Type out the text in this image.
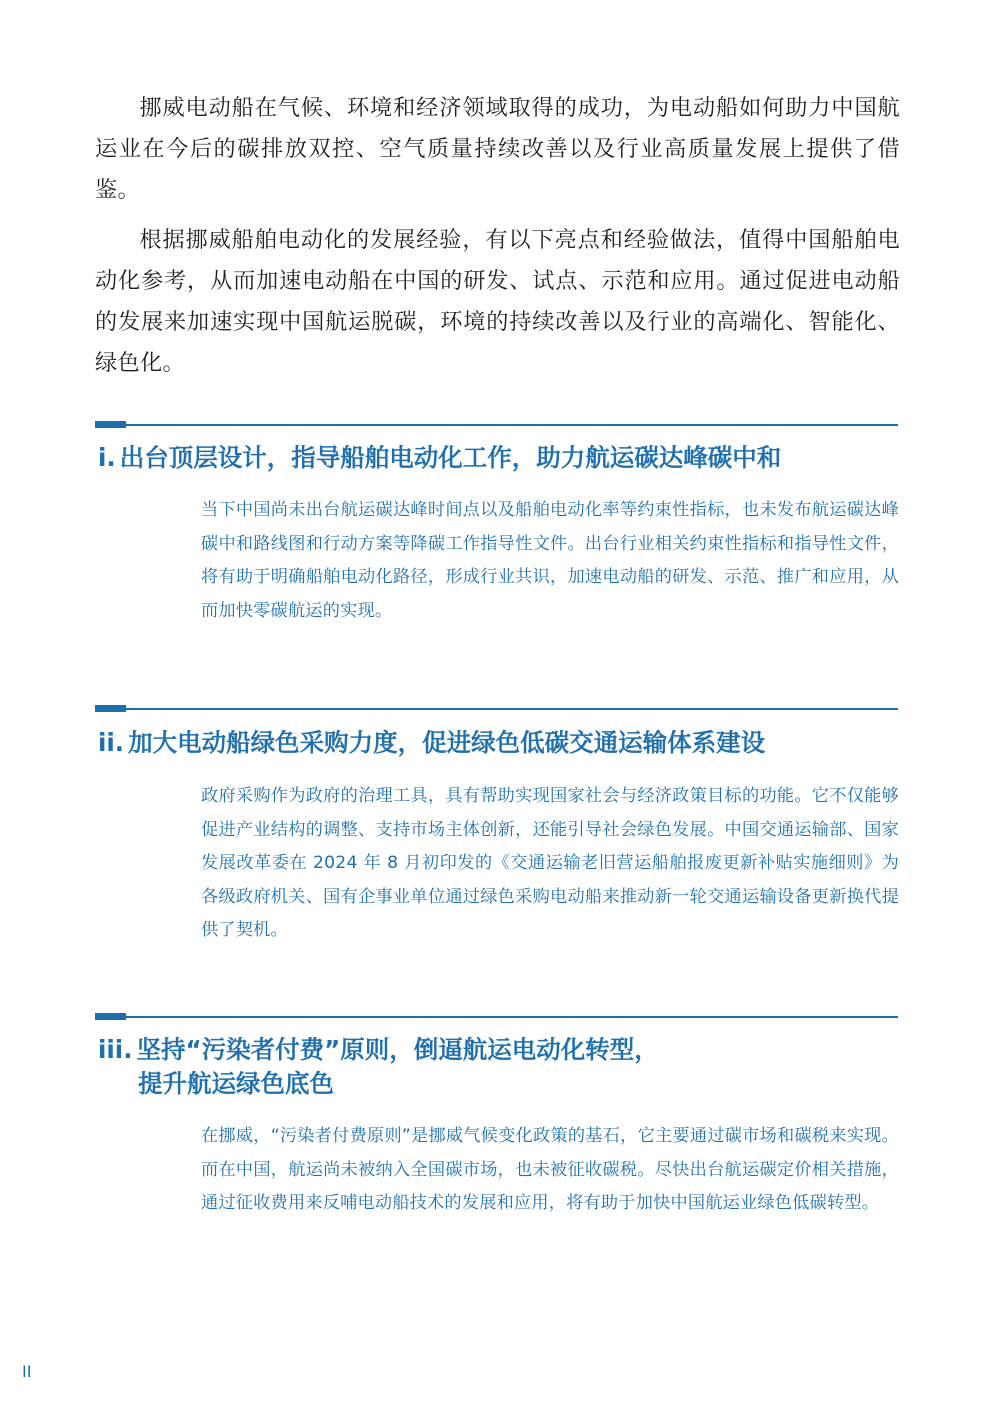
挪威电动船在气候、环境和经济领域取得的成功，为电动船如何助力中国航运业在今后的碳排放双控、空气质量持续改善以及行业高质量发展上提供了借鉴。

根据挪威船舶电动化的发展经验，有以下亮点和经验做法，值得中国船舶电动化参考，从而加速电动船在中国的研发、试点、示范和应用。通过促进电动船的发展来加速实现中国航运脱碳，环境的持续改善以及行业的高端化、智能化、绿色化。

i. 出台顶层设计，指导船舶电动化工作，助力航运碳达峰碳中和

当下中国尚未出台航运碳达峰时间点以及船舶电动化率等约束性指标，也未发布航运碳达峰碳中和路线图和行动方案等降碳工作指导性文件。出台行业相关约束性指标和指导性文件，将有助于明确船舶电动化路径，形成行业共识，加速电动船的研发、示范、推广和应用，从而加快零碳航运的实现。

ii. 加大电动船绿色采购力度，促进绿色低碳交通运输体系建设

政府采购作为政府的治理工具，具有帮助实现国家社会与经济政策目标的功能。它不仅能够促进产业结构的调整、支持市场主体创新，还能引导社会绿色发展。中国交通运输部、国家发展改革委在 2024 年 8 月初印发的《交通运输老旧营运船舶报废更新补贴实施细则》为各级政府机关、国有企事业单位通过绿色采购电动船来推动新一轮交通运输设备更新换代提供了契机。

iii. 坚持“污染者付费”原则，倒逼航运电动化转型，
提升航运绿色底色

在挪威，“污染者付费原则”是挪威气候变化政策的基石，它主要通过碳市场和碳税来实现。而在中国，航运尚未被纳入全国碳市场，也未被征收碳税。尽快出台航运碳定价相关措施，通过征收费用来反哺电动船技术的发展和应用，将有助于加快中国航运业绿色低碳转型。

II
